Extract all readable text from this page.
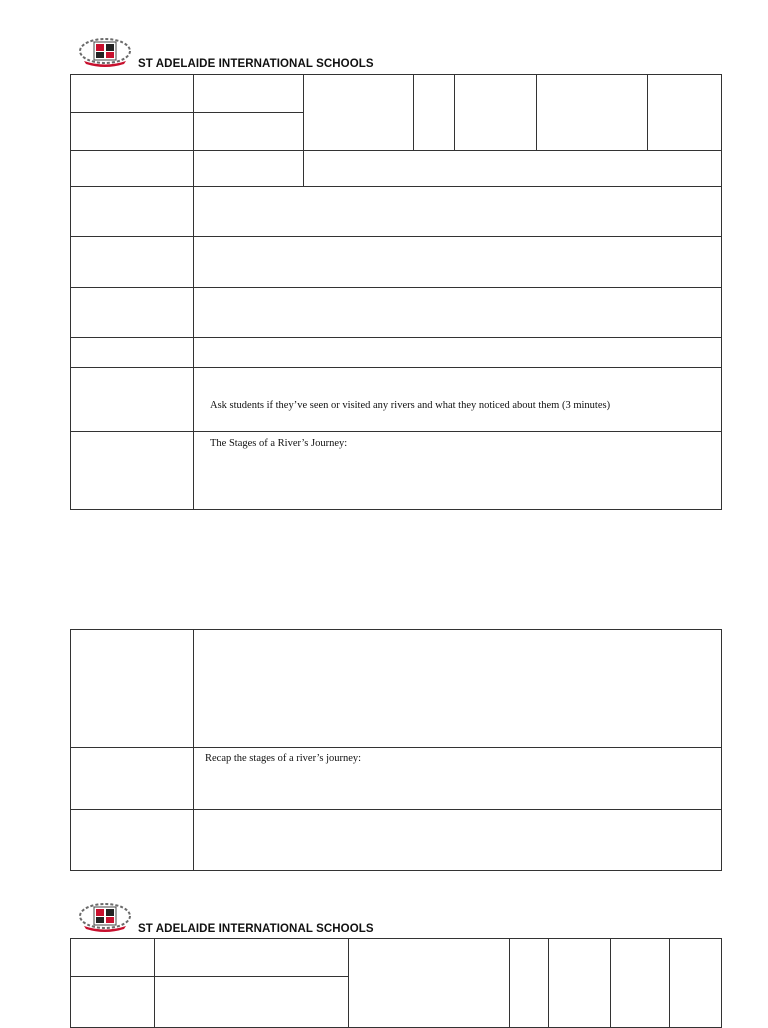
ST ADELAIDE INTERNATIONAL SCHOOLS
Ask students if they’ve seen or visited any rivers and what they noticed about them (3 minutes)
The Stages of a River’s Journey:
Recap the stages of a river’s journey:
ST ADELAIDE INTERNATIONAL SCHOOLS
